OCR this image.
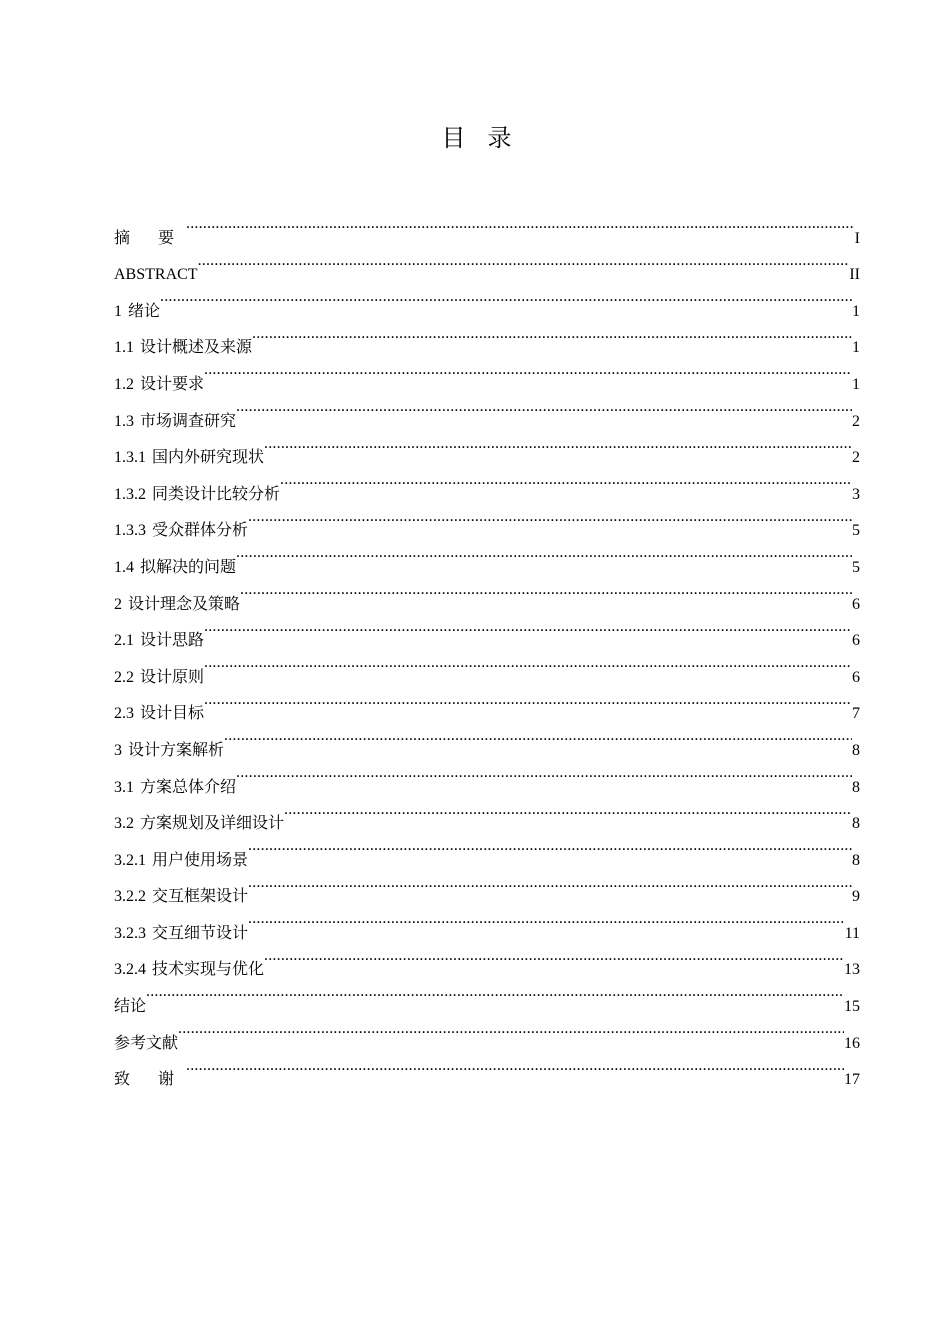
目录
摘 要 .....	I
ABSTRACT .....	II
1 绪论 .....	1
1.1 设计概述及来源 .....	1
1.2 设计要求 .....	1
1.3 市场调查研究 .....	2
1.3.1 国内外研究现状 .....	2
1.3.2 同类设计比较分析 .....	3
1.3.3 受众群体分析 .....	5
1.4 拟解决的问题 .....	5
2 设计理念及策略 .....	6
2.1 设计思路 .....	6
2.2 设计原则 .....	6
2.3 设计目标 .....	7
3 设计方案解析 .....	8
3.1 方案总体介绍 .....	8
3.2 方案规划及详细设计 .....	8
3.2.1 用户使用场景 .....	8
3.2.2 交互框架设计 .....	9
3.2.3 交互细节设计 .....	11
3.2.4 技术实现与优化 .....	13
结论 .....	15
参考文献 .....	16
致 谢 .....	17
